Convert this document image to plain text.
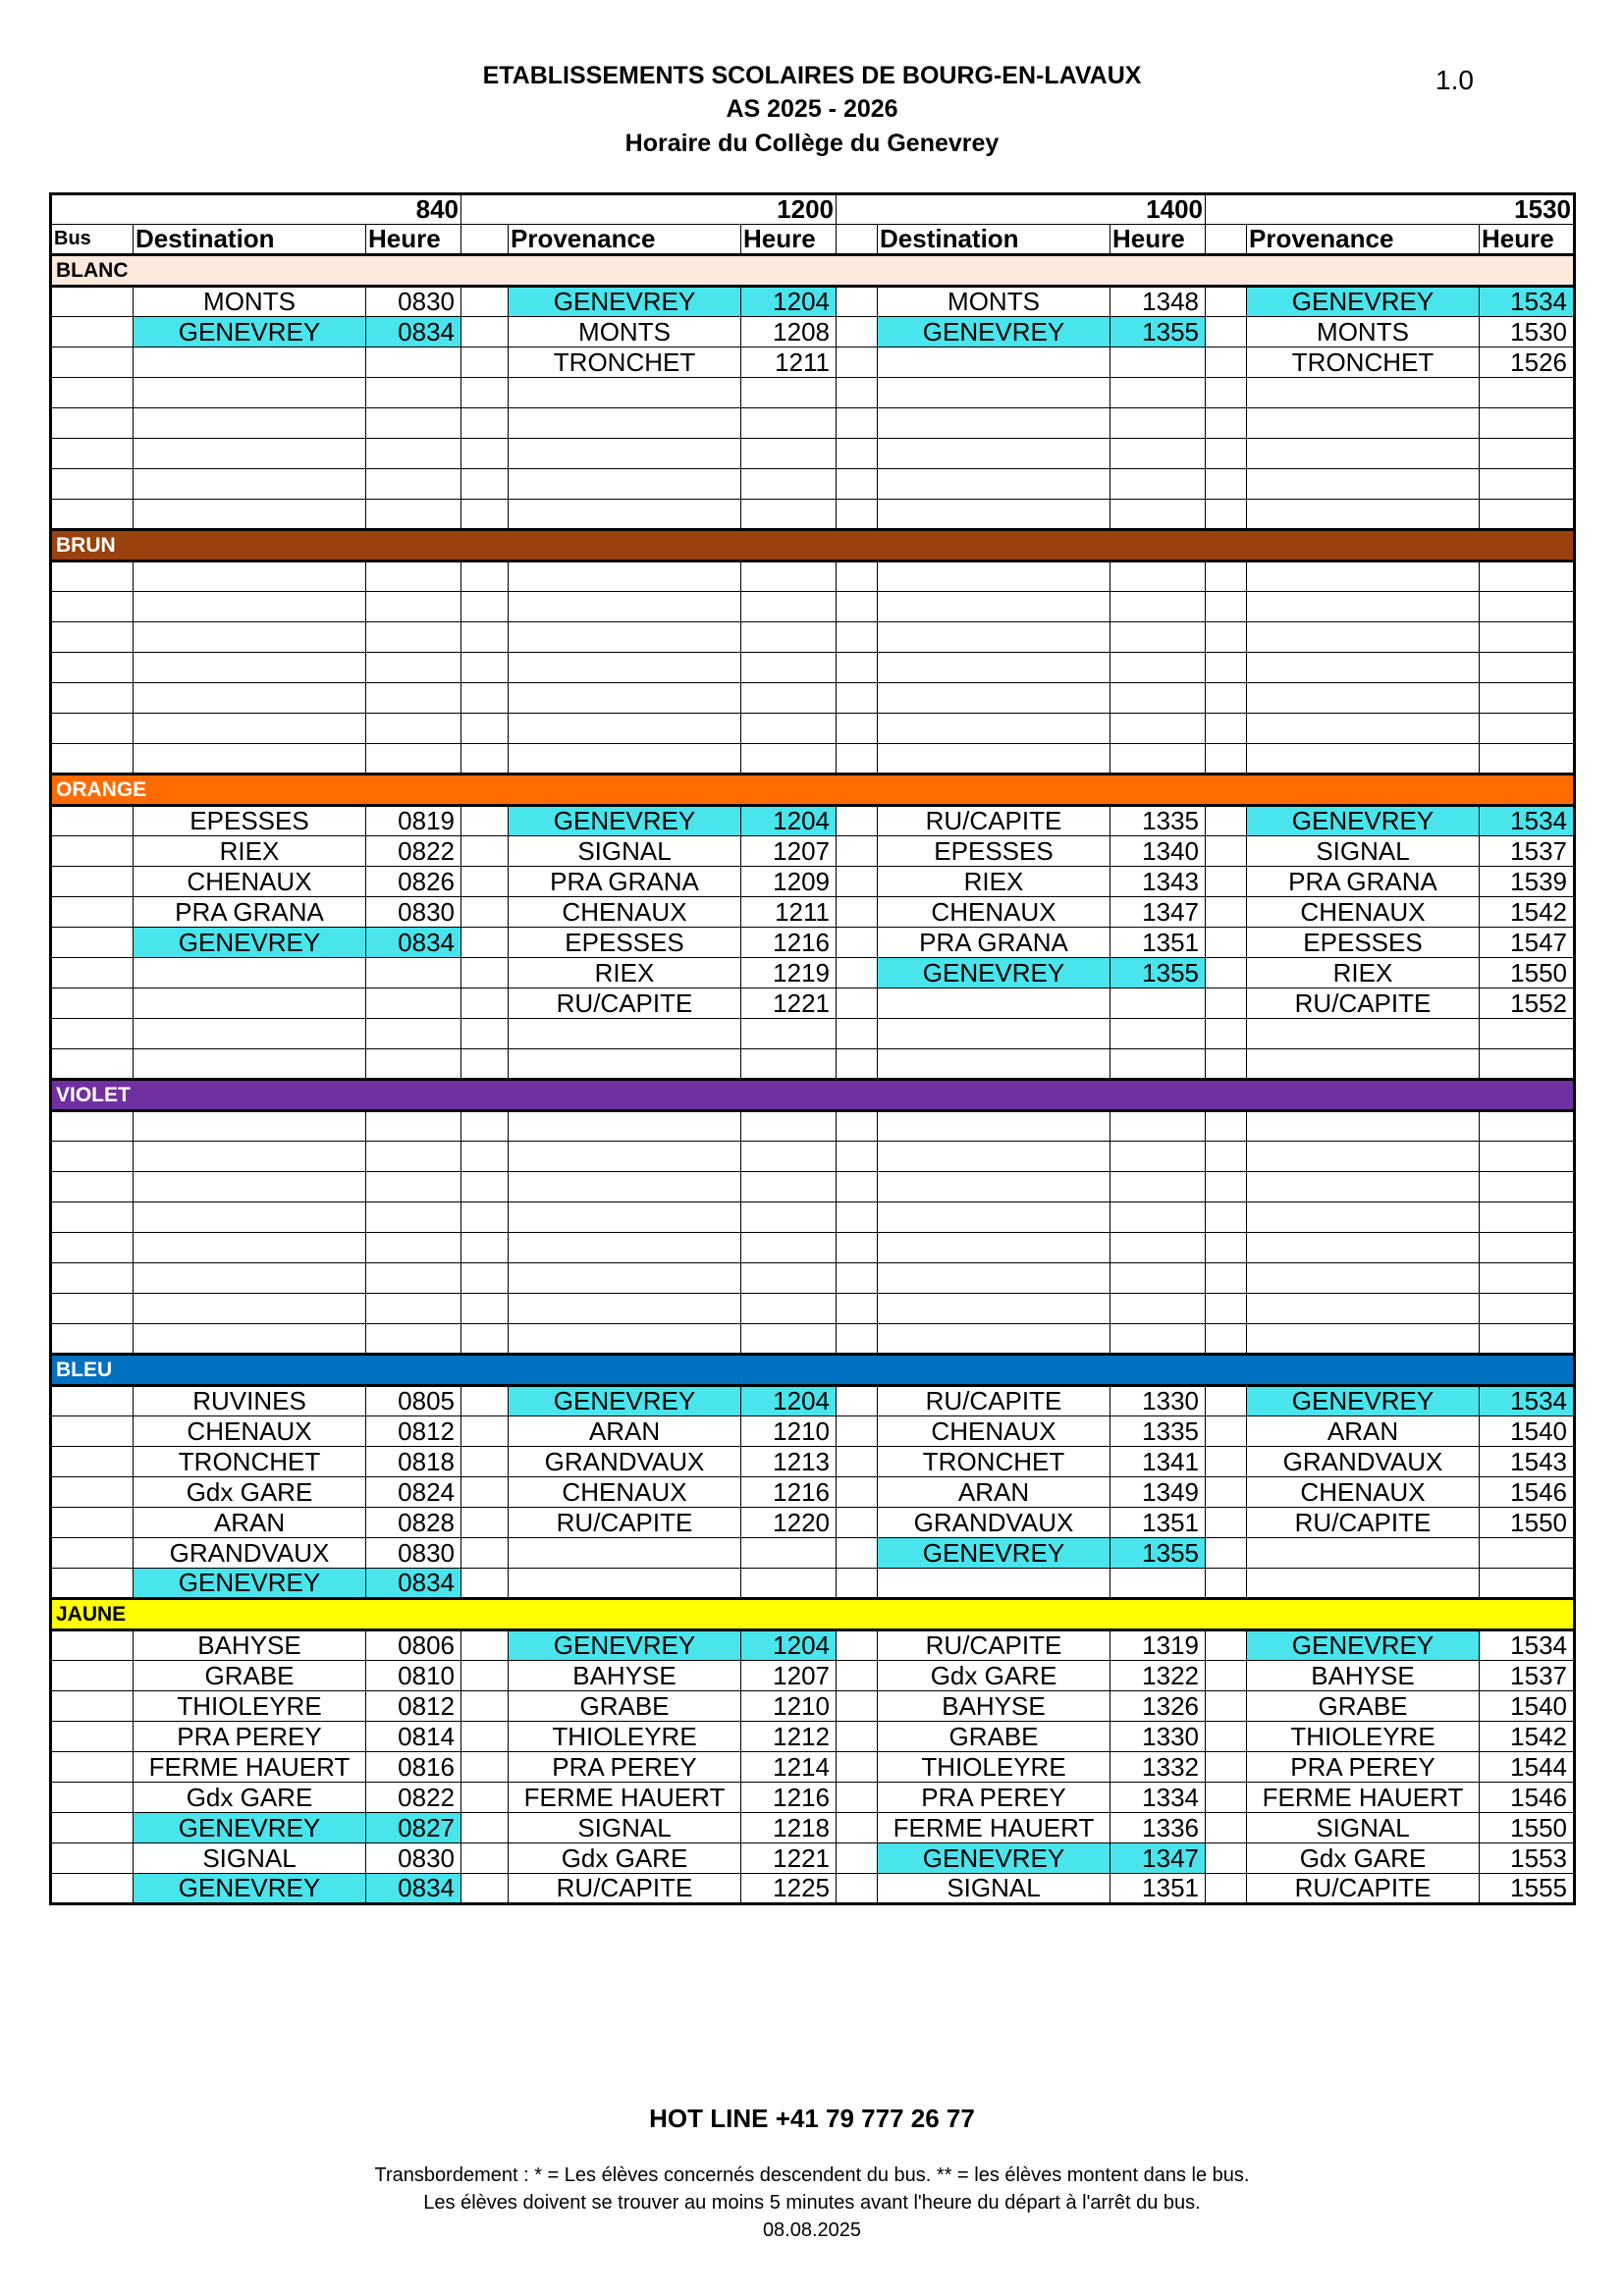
ETABLISSEMENTS SCOLAIRES DE BOURG-EN-LAVAUX
AS 2025 - 2026
Horaire du Collège du Genevrey
1.0
840			1200			1400			1530		
Bus	Destination	Heure		Provenance	Heure		Destination	Heure		Provenance	Heure
BLANC											
	MONTS	0830		GENEVREY	1204		MONTS	1348		GENEVREY	1534
	GENEVREY	0834		MONTS	1208		GENEVREY	1355		MONTS	1530
				TRONCHET	1211					TRONCHET	1526

BRUN											

ORANGE											
	EPESSES	0819		GENEVREY	1204		RU/CAPITE	1335		GENEVREY	1534
	RIEX	0822		SIGNAL	1207		EPESSES	1340		SIGNAL	1537
	CHENAUX	0826		PRA GRANA	1209		RIEX	1343		PRA GRANA	1539
	PRA GRANA	0830		CHENAUX	1211		CHENAUX	1347		CHENAUX	1542
	GENEVREY	0834		EPESSES	1216		PRA GRANA	1351		EPESSES	1547
				RIEX	1219		GENEVREY	1355		RIEX	1550
				RU/CAPITE	1221					RU/CAPITE	1552

VIOLET											

BLEU											
	RUVINES	0805		GENEVREY	1204		RU/CAPITE	1330		GENEVREY	1534
	CHENAUX	0812		ARAN	1210		CHENAUX	1335		ARAN	1540
	TRONCHET	0818		GRANDVAUX	1213		TRONCHET	1341		GRANDVAUX	1543
	Gdx GARE	0824		CHENAUX	1216		ARAN	1349		CHENAUX	1546
	ARAN	0828		RU/CAPITE	1220		GRANDVAUX	1351		RU/CAPITE	1550
	GRANDVAUX	0830					GENEVREY	1355			
	GENEVREY	0834									
JAUNE											
	BAHYSE	0806		GENEVREY	1204		RU/CAPITE	1319		GENEVREY	1534
	GRABE	0810		BAHYSE	1207		Gdx GARE	1322		BAHYSE	1537
	THIOLEYRE	0812		GRABE	1210		BAHYSE	1326		GRABE	1540
	PRA PEREY	0814		THIOLEYRE	1212		GRABE	1330		THIOLEYRE	1542
	FERME HAUERT	0816		PRA PEREY	1214		THIOLEYRE	1332		PRA PEREY	1544
	Gdx GARE	0822		FERME HAUERT	1216		PRA PEREY	1334		FERME HAUERT	1546
	GENEVREY	0827		SIGNAL	1218		FERME HAUERT	1336		SIGNAL	1550
	SIGNAL	0830		Gdx GARE	1221		GENEVREY	1347		Gdx GARE	1553
	GENEVREY	0834		RU/CAPITE	1225		SIGNAL	1351		RU/CAPITE	1555
HOT LINE +41 79 777 26 77
Transbordement : * = Les élèves concernés descendent du bus. ** = les élèves montent dans le bus.
Les élèves doivent se trouver au moins 5 minutes avant l'heure du départ à l'arrêt du bus.
08.08.2025
